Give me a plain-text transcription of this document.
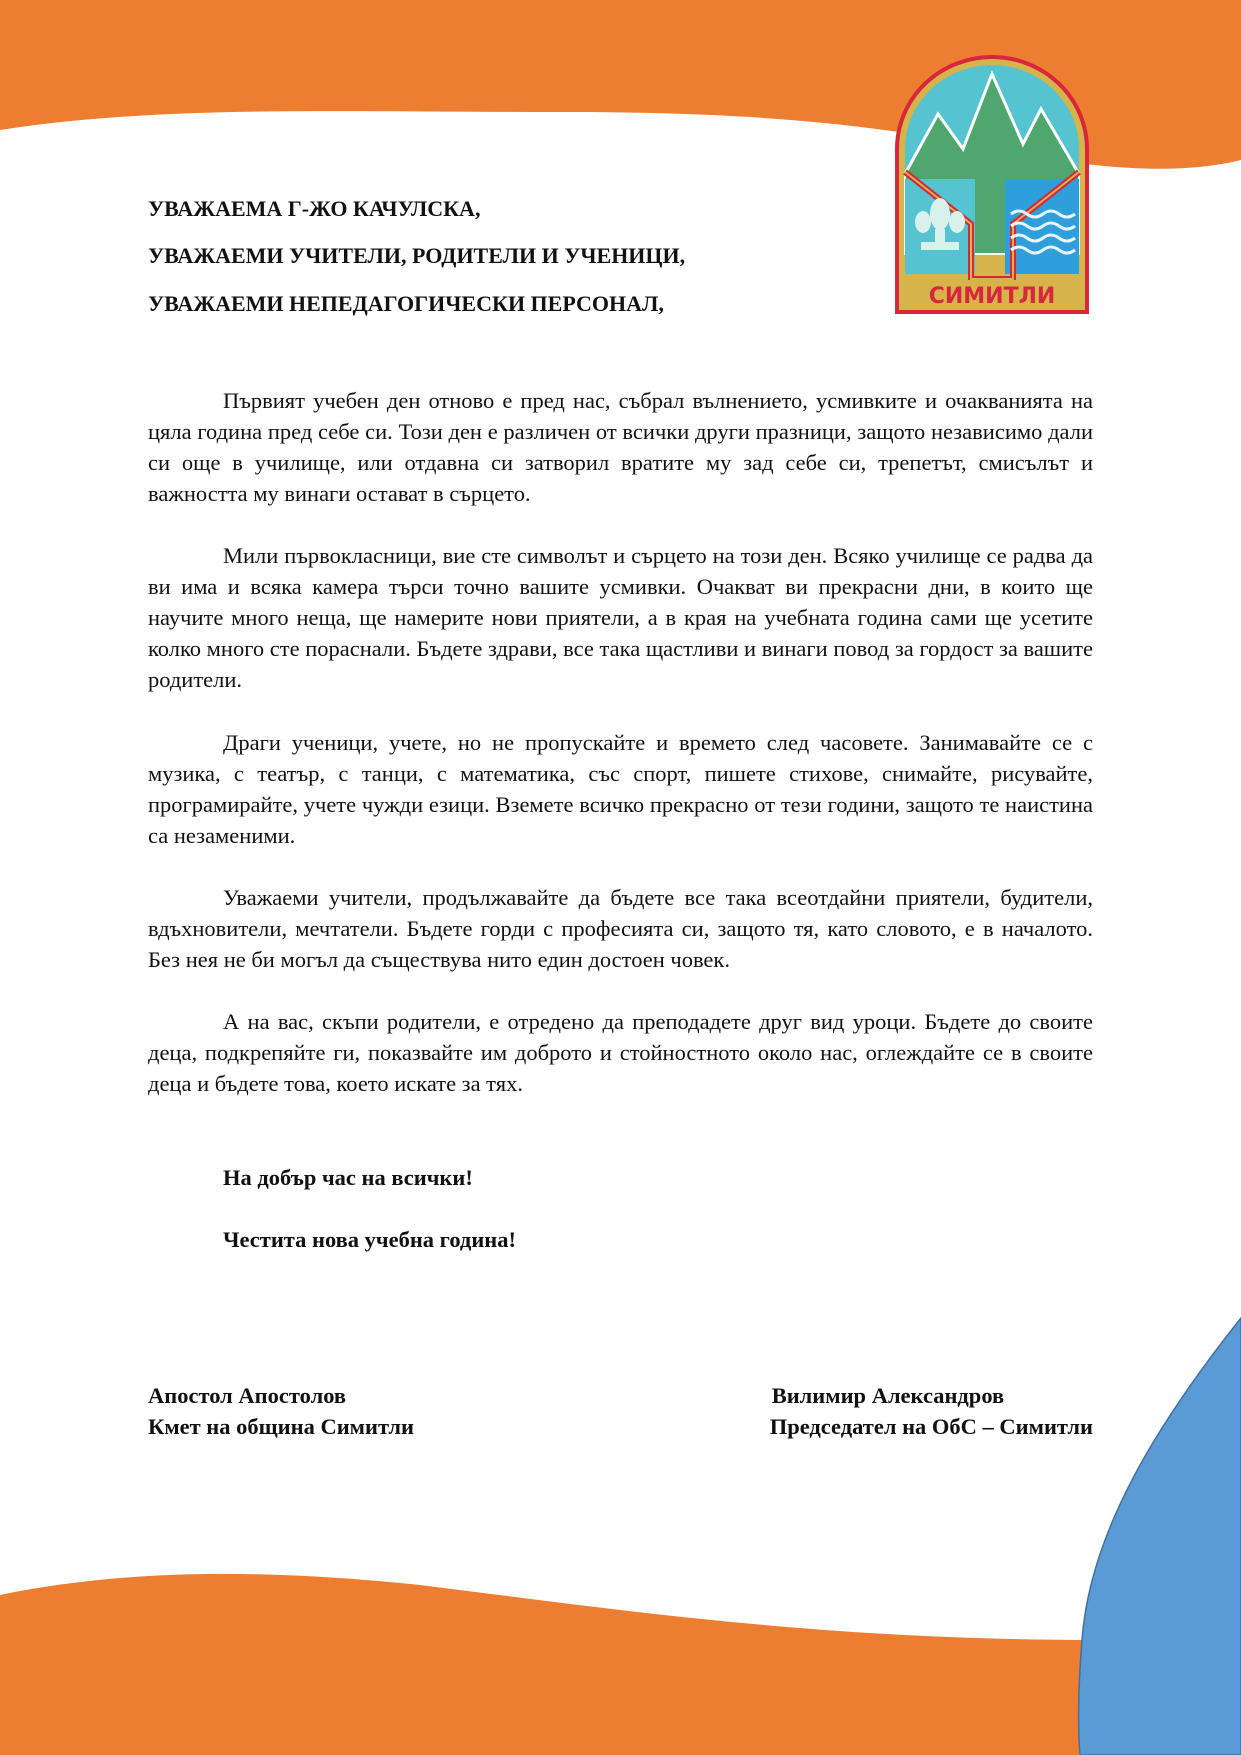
СИМИТЛИ

УВАЖАЕМА Г-ЖО КАЧУЛСКА,

УВАЖАЕМИ УЧИТЕЛИ, РОДИТЕЛИ И УЧЕНИЦИ,

УВАЖАЕМИ НЕПЕДАГОГИЧЕСКИ ПЕРСОНАЛ,

Първият учебен ден отново е пред нас, събрал вълнението, усмивките и очакванията на цяла година пред себе си. Този ден е различен от всички други празници, защото независимо дали си още в училище, или отдавна си затворил вратите му зад себе си, трепетът, смисълът и важността му винаги остават в сърцето.

Мили първокласници, вие сте символът и сърцето на този ден. Всяко училище се радва да ви има и всяка камера търси точно вашите усмивки. Очакват ви прекрасни дни, в които ще научите много неща, ще намерите нови приятели, а в края на учебната година сами ще усетите колко много сте пораснали. Бъдете здрави, все така щастливи и винаги повод за гордост за вашите родители.

Драги ученици, учете, но не пропускайте и времето след часовете. Занимавайте се с музика, с театър, с танци, с математика, със спорт, пишете стихове, снимайте, рисувайте, програмирайте, учете чужди езици. Вземете всичко прекрасно от тези години, защото те наистина са незаменими.

Уважаеми учители, продължавайте да бъдете все така всеотдайни приятели, будители, вдъхновители, мечтатели. Бъдете горди с професията си, защото тя, като словото, е в началото. Без нея не би могъл да съществува нито един достоен човек.

А на вас, скъпи родители, е отредено да преподадете друг вид уроци. Бъдете до своите деца, подкрепяйте ги, показвайте им доброто и стойностното около нас, оглеждайте се в своите деца и бъдете това, което искате за тях.

На добър час на всички!

Честита нова учебна година!

Апостол Апостолов
Кмет на община Симитли
Вилимир Александров
Председател на ОбС – Симитли
